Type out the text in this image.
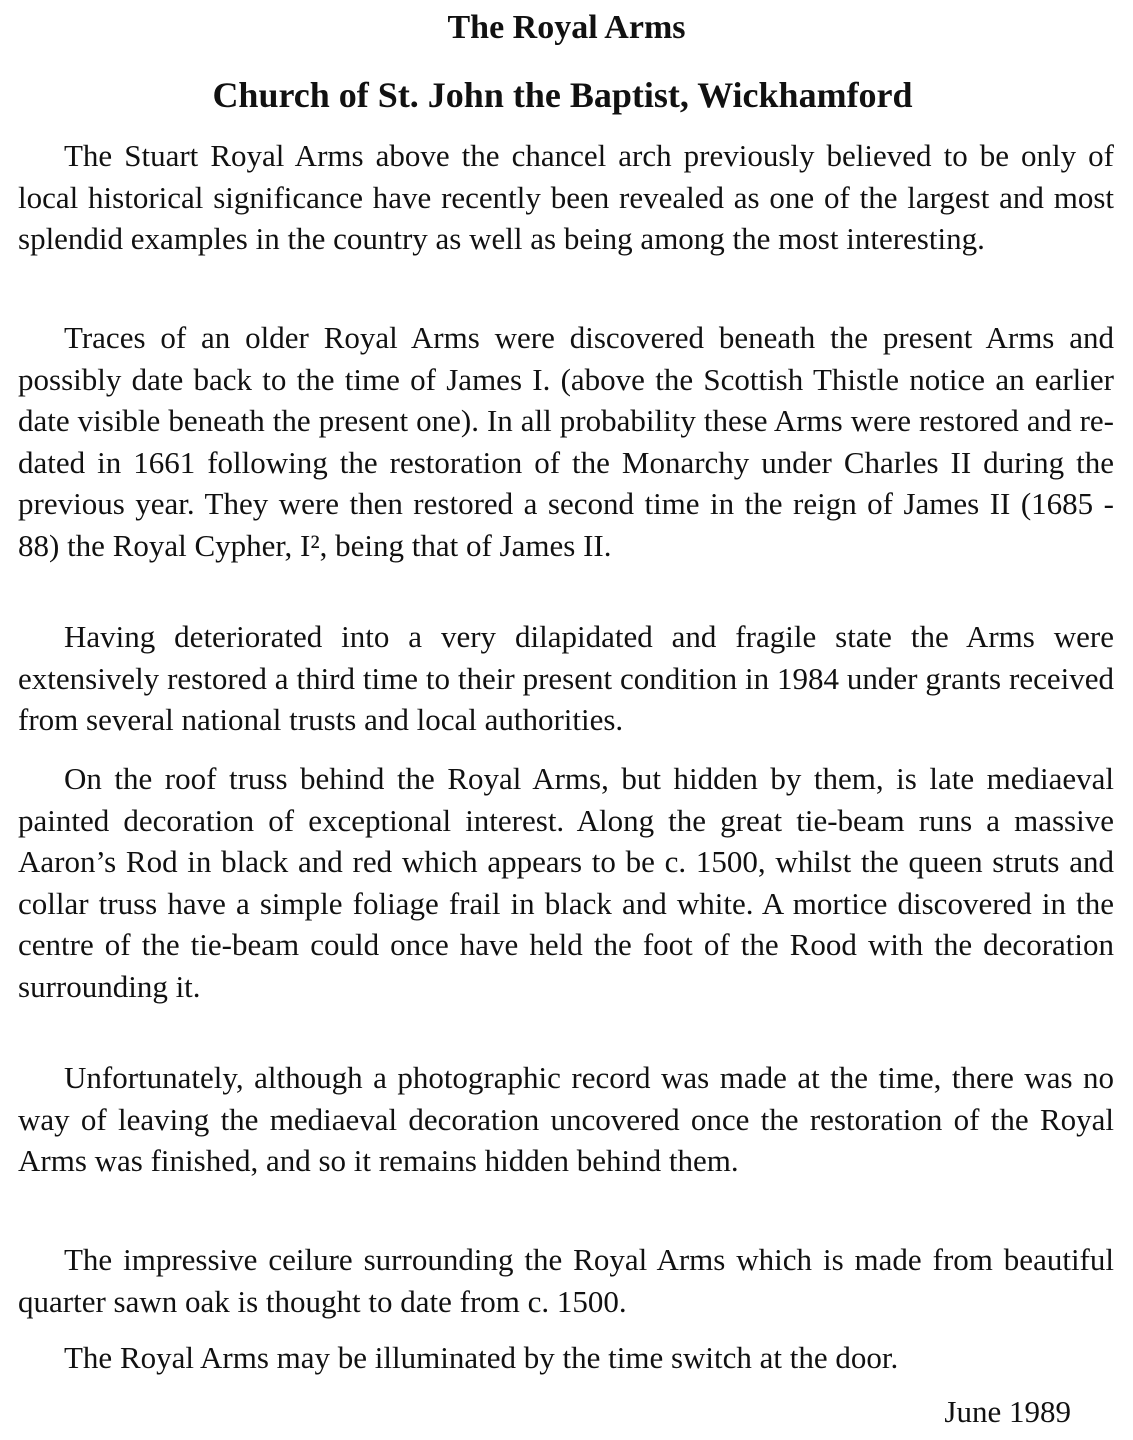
The Royal Arms
Church of St. John the Baptist, Wickhamford

The Stuart Royal Arms above the chancel arch previously believed to be only of local historical significance have recently been revealed as one of the largest and most splendid examples in the country as well as being among the most interesting.

Traces of an older Royal Arms were discovered beneath the present Arms and possibly date back to the time of James I. (above the Scottish Thistle notice an earlier date visible beneath the present one). In all probability these Arms were restored and re-dated in 1661 following the restoration of the Monarchy under Charles II during the previous year. They were then restored a second time in the reign of James II (1685 - 88) the Royal Cypher, I², being that of James II.

Having deteriorated into a very dilapidated and fragile state the Arms were extensively restored a third time to their present condition in 1984 under grants received from several national trusts and local authorities.

On the roof truss behind the Royal Arms, but hidden by them, is late mediaeval painted decoration of exceptional interest. Along the great tie-beam runs a massive Aaron’s Rod in black and red which appears to be c. 1500, whilst the queen struts and collar truss have a simple foliage frail in black and white. A mortice discovered in the centre of the tie-beam could once have held the foot of the Rood with the decoration surrounding it.

Unfortunately, although a photographic record was made at the time, there was no way of leaving the mediaeval decoration uncovered once the restoration of the Royal Arms was finished, and so it remains hidden behind them.

The impressive ceilure surrounding the Royal Arms which is made from beautiful quarter sawn oak is thought to date from c. 1500.

The Royal Arms may be illuminated by the time switch at the door.

June 1989
